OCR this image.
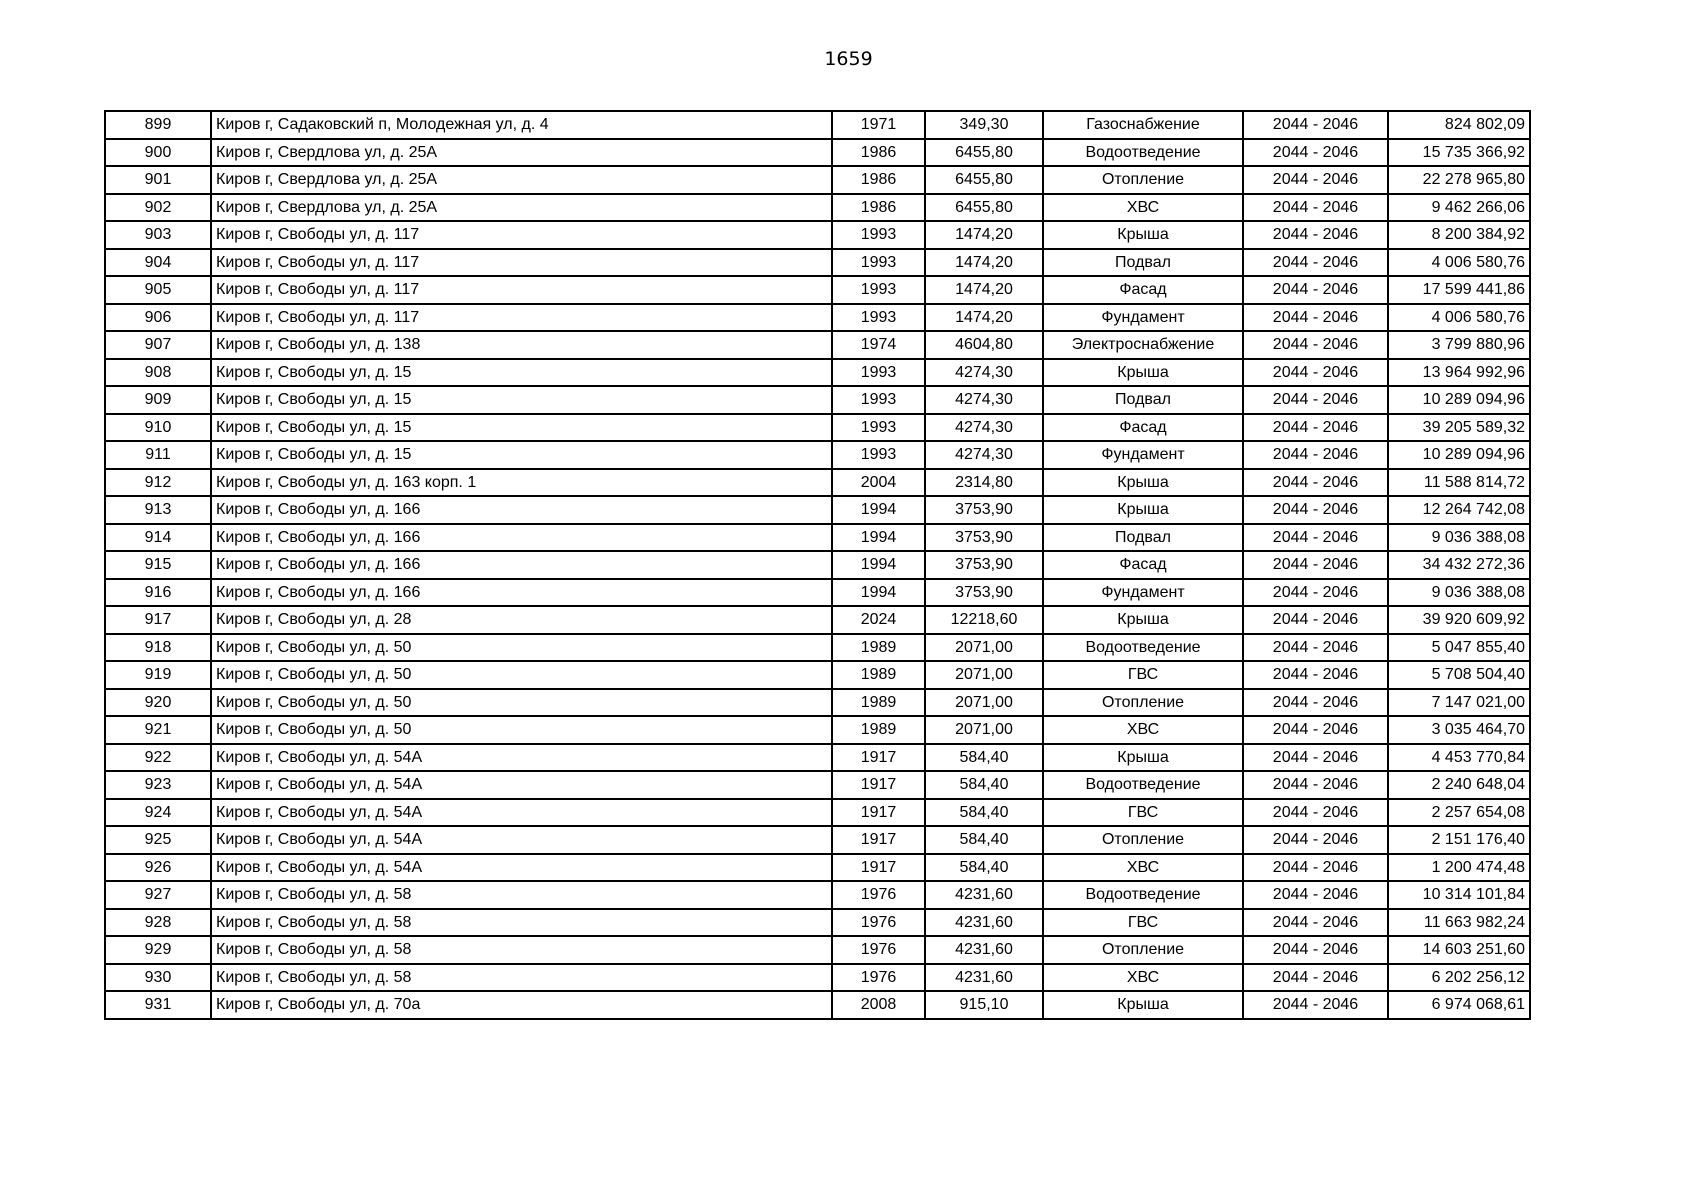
1659
899	Киров г, Садаковский п, Молодежная ул, д. 4	1971	349,30	Газоснабжение	2044 - 2046	824 802,09
900	Киров г, Свердлова ул, д. 25А	1986	6455,80	Водоотведение	2044 - 2046	15 735 366,92
901	Киров г, Свердлова ул, д. 25А	1986	6455,80	Отопление	2044 - 2046	22 278 965,80
902	Киров г, Свердлова ул, д. 25А	1986	6455,80	ХВС	2044 - 2046	9 462 266,06
903	Киров г, Свободы ул, д. 117	1993	1474,20	Крыша	2044 - 2046	8 200 384,92
904	Киров г, Свободы ул, д. 117	1993	1474,20	Подвал	2044 - 2046	4 006 580,76
905	Киров г, Свободы ул, д. 117	1993	1474,20	Фасад	2044 - 2046	17 599 441,86
906	Киров г, Свободы ул, д. 117	1993	1474,20	Фундамент	2044 - 2046	4 006 580,76
907	Киров г, Свободы ул, д. 138	1974	4604,80	Электроснабжение	2044 - 2046	3 799 880,96
908	Киров г, Свободы ул, д. 15	1993	4274,30	Крыша	2044 - 2046	13 964 992,96
909	Киров г, Свободы ул, д. 15	1993	4274,30	Подвал	2044 - 2046	10 289 094,96
910	Киров г, Свободы ул, д. 15	1993	4274,30	Фасад	2044 - 2046	39 205 589,32
911	Киров г, Свободы ул, д. 15	1993	4274,30	Фундамент	2044 - 2046	10 289 094,96
912	Киров г, Свободы ул, д. 163 корп. 1	2004	2314,80	Крыша	2044 - 2046	11 588 814,72
913	Киров г, Свободы ул, д. 166	1994	3753,90	Крыша	2044 - 2046	12 264 742,08
914	Киров г, Свободы ул, д. 166	1994	3753,90	Подвал	2044 - 2046	9 036 388,08
915	Киров г, Свободы ул, д. 166	1994	3753,90	Фасад	2044 - 2046	34 432 272,36
916	Киров г, Свободы ул, д. 166	1994	3753,90	Фундамент	2044 - 2046	9 036 388,08
917	Киров г, Свободы ул, д. 28	2024	12218,60	Крыша	2044 - 2046	39 920 609,92
918	Киров г, Свободы ул, д. 50	1989	2071,00	Водоотведение	2044 - 2046	5 047 855,40
919	Киров г, Свободы ул, д. 50	1989	2071,00	ГВС	2044 - 2046	5 708 504,40
920	Киров г, Свободы ул, д. 50	1989	2071,00	Отопление	2044 - 2046	7 147 021,00
921	Киров г, Свободы ул, д. 50	1989	2071,00	ХВС	2044 - 2046	3 035 464,70
922	Киров г, Свободы ул, д. 54А	1917	584,40	Крыша	2044 - 2046	4 453 770,84
923	Киров г, Свободы ул, д. 54А	1917	584,40	Водоотведение	2044 - 2046	2 240 648,04
924	Киров г, Свободы ул, д. 54А	1917	584,40	ГВС	2044 - 2046	2 257 654,08
925	Киров г, Свободы ул, д. 54А	1917	584,40	Отопление	2044 - 2046	2 151 176,40
926	Киров г, Свободы ул, д. 54А	1917	584,40	ХВС	2044 - 2046	1 200 474,48
927	Киров г, Свободы ул, д. 58	1976	4231,60	Водоотведение	2044 - 2046	10 314 101,84
928	Киров г, Свободы ул, д. 58	1976	4231,60	ГВС	2044 - 2046	11 663 982,24
929	Киров г, Свободы ул, д. 58	1976	4231,60	Отопление	2044 - 2046	14 603 251,60
930	Киров г, Свободы ул, д. 58	1976	4231,60	ХВС	2044 - 2046	6 202 256,12
931	Киров г, Свободы ул, д. 70а	2008	915,10	Крыша	2044 - 2046	6 974 068,61
